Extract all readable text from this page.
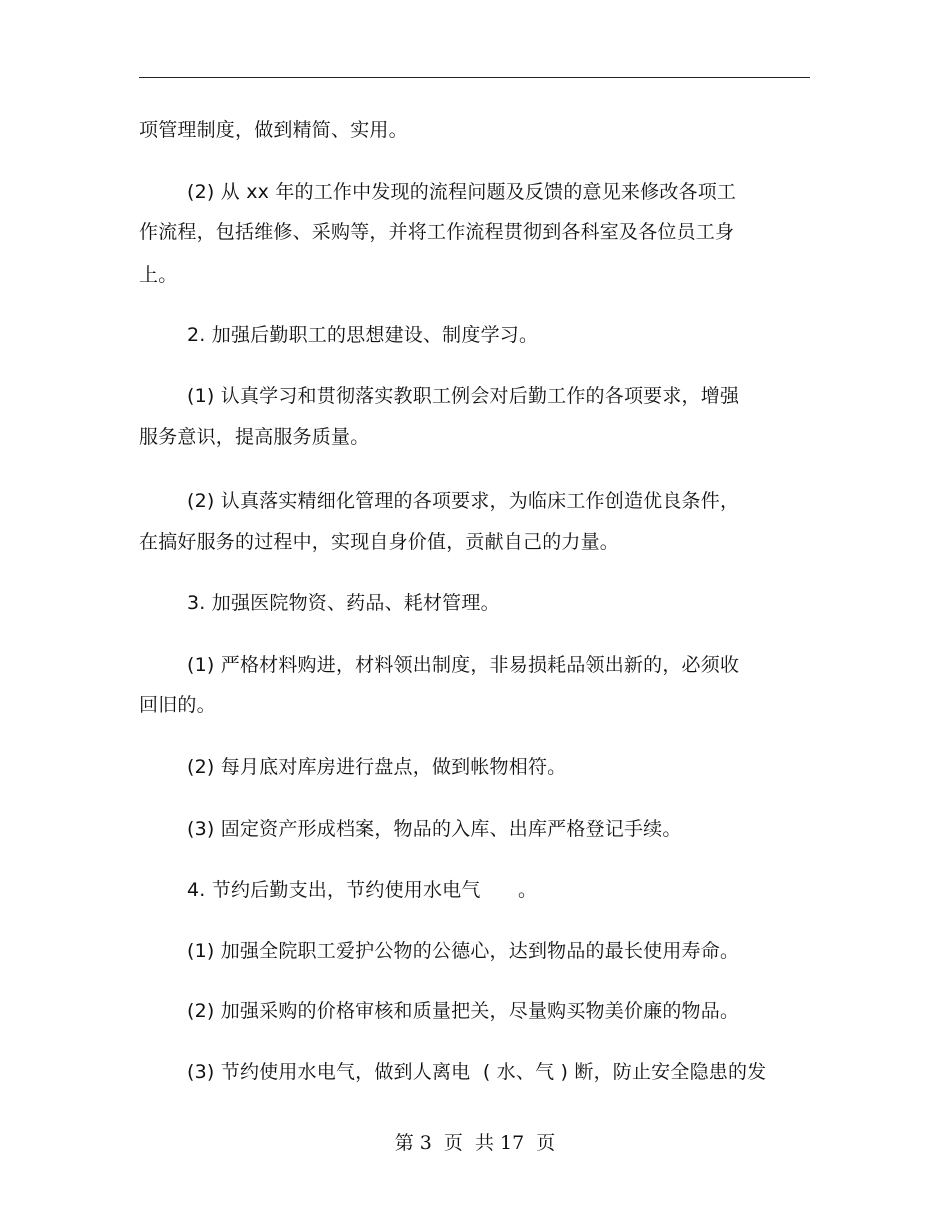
项管理制度，做到精简、实用。
(2) 从 xx 年的工作中发现的流程问题及反馈的意见来修改各项工
作流程，包括维修、采购等，并将工作流程贯彻到各科室及各位员工身
上。
2. 加强后勤职工的思想建设、制度学习。
(1) 认真学习和贯彻落实教职工例会对后勤工作的各项要求，增强
服务意识，提高服务质量。
(2) 认真落实精细化管理的各项要求，为临床工作创造优良条件，
在搞好服务的过程中，实现自身价值，贡献自己的力量。
3. 加强医院物资、药品、耗材管理。
(1) 严格材料购进，材料领出制度，非易损耗品领出新的，必须收
回旧的。
(2) 每月底对库房进行盘点，做到帐物相符。
(3) 固定资产形成档案，物品的入库、出库严格登记手续。
4. 节约后勤支出，节约使用水电气      。
(1) 加强全院职工爱护公物的公德心，达到物品的最长使用寿命。
(2) 加强采购的价格审核和质量把关，尽量购买物美价廉的物品。
(3) 节约使用水电气，做到人离电  ( 水、气 ) 断，防止安全隐患的发
第 3  页  共 17  页
